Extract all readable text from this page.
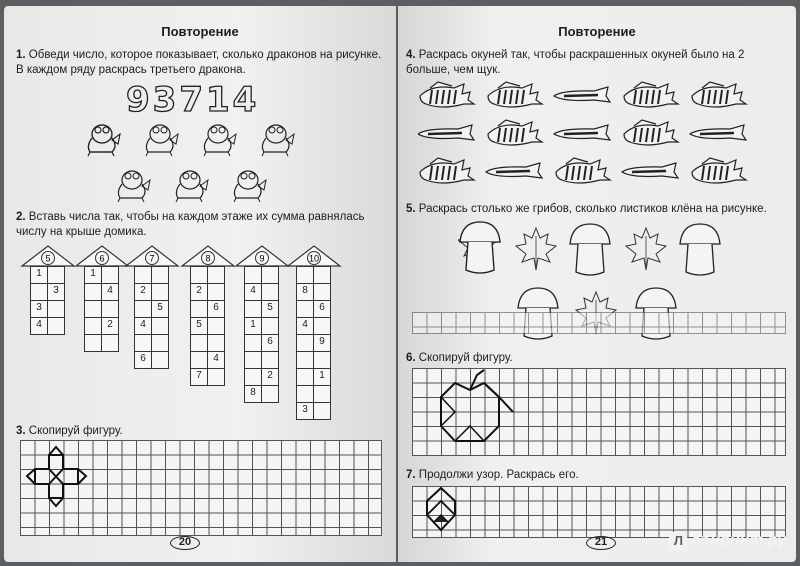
Повторение
1. Обведи число, которое показывает, сколько драконов на рисунке.
В каждом ряду раскрась третьего дракона.
93714
2. Вставь числа так, чтобы на каждом этаже их сумма равнялась
числу на крыше домика.
5
1
3
3
4
6
1
4
2
7
2
5
4
6
8
2
6
5
4
7
9
4
5
1
6
2
8
10
8
6
4
9
1
3
3. Скопируй фигуру.
20
Повторение
4. Раскрась окуней так, чтобы раскрашенных окуней было на 2
больше, чем щук.
5. Раскрась столько же грибов, сколько листиков клёна на рисунке.
6. Скопируй фигуру.
7. Продолжи узор. Раскрась его.
21	Л абиринт.ру
